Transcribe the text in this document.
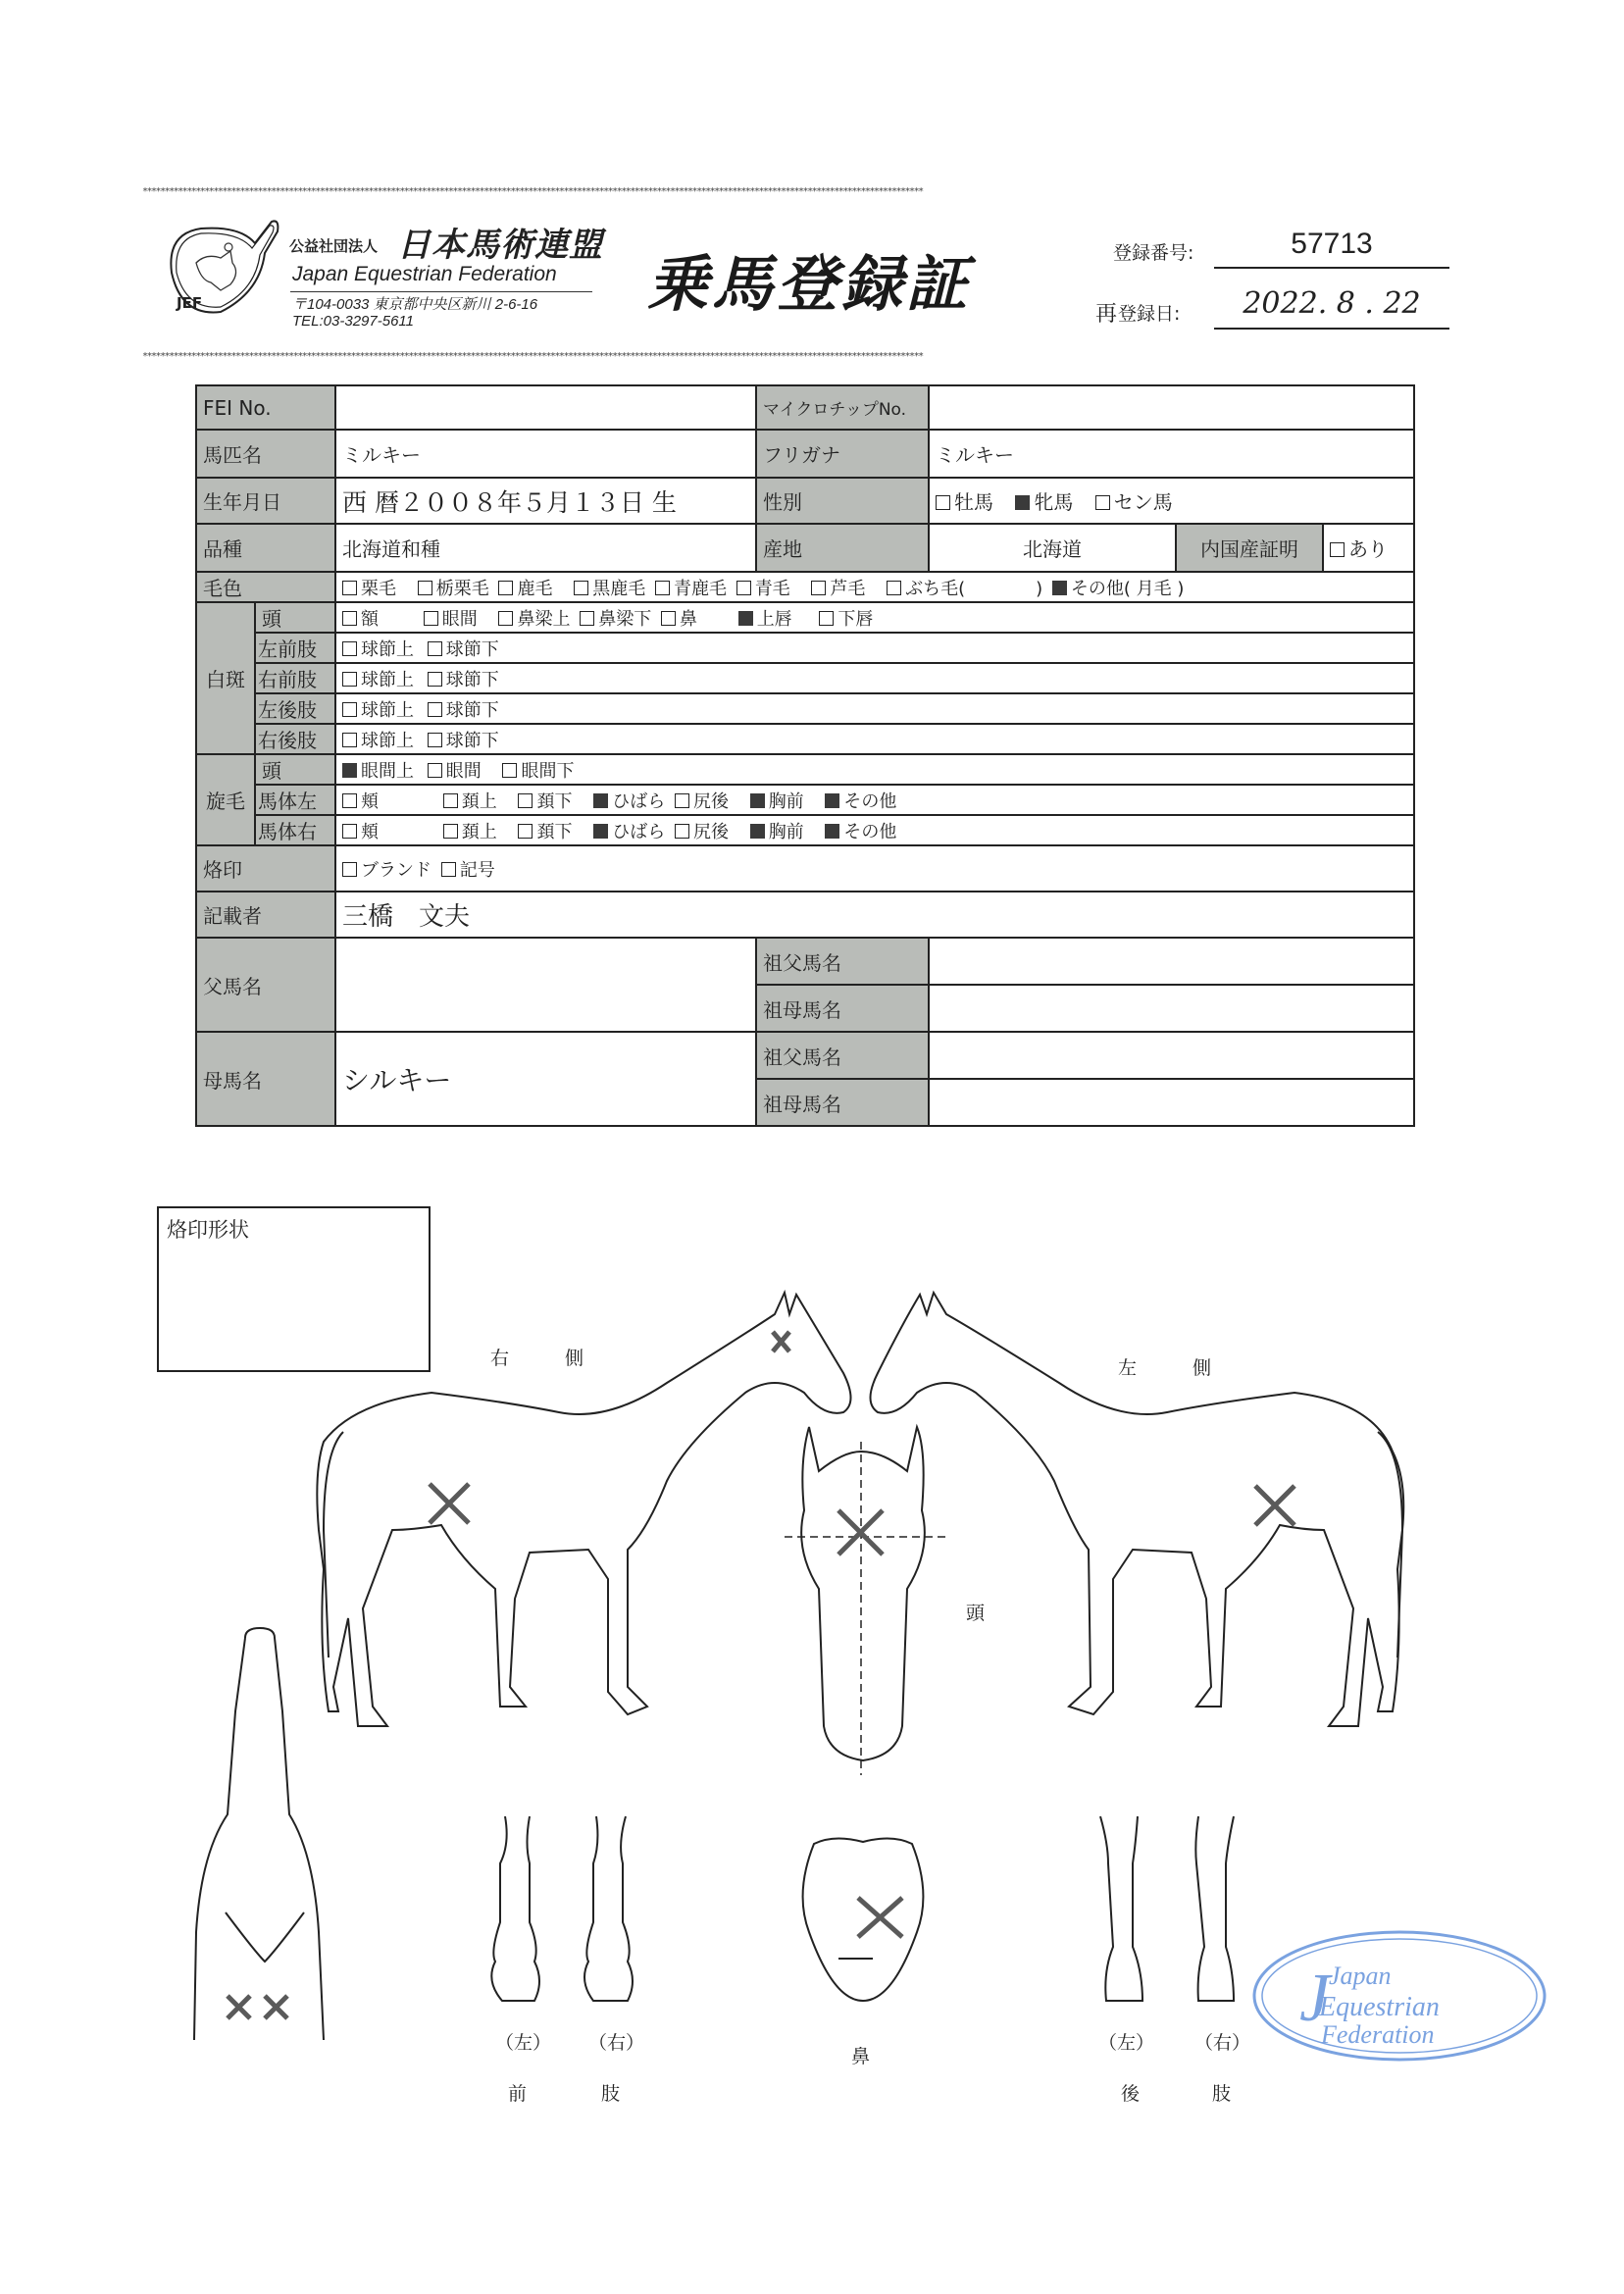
********************************************************************************************************************************************************************************
********************************************************************************************************************************************************************************
JEF
公益社団法人 日本馬術連盟
Japan Equestrian Federation
〒104-0033 東京都中央区新川 2-6-16
TEL:03-3297-5611
乗馬登録証	登録番号:	57713
再 登録日:	2022. 8 . 22
FEI No.			マイクロチップNo.			
馬匹名		ミルキー	フリガナ	ミルキー		
生年月日		西 暦２００８年５月１３日 生	性別	牡馬 牝馬 セン馬		
品種		北海道和種	産地	北海道	内国産証明	あり
毛色		栗毛 栃栗毛 鹿毛 黒鹿毛 青鹿毛 青毛 芦毛 ぶち毛(　　　　) その他( 月毛 )				
白斑	頭	額 眼間 鼻梁上 鼻梁下 鼻 上唇 下唇				
	左前肢	球節上 球節下				
	右前肢	球節上 球節下				
	左後肢	球節上 球節下				
	右後肢	球節上 球節下				
旋毛	頭	眼間上 眼間 眼間下				
	馬体左	頬 頚上 頚下 ひばら 尻後 胸前 その他				
	馬体右	頬 頚上 頚下 ひばら 尻後 胸前 その他				
烙印		ブランド 記号				
記載者		三橋　文夫				
父馬名			祖父馬名			
			祖母馬名			
母馬名		シルキー	祖父馬名			
			祖母馬名			
烙印形状
右　　　側	左　　　側
頭
鼻
（左） （右）
前	肢
（左） （右）
後	肢
J
Japan
Equestrian
Federation
